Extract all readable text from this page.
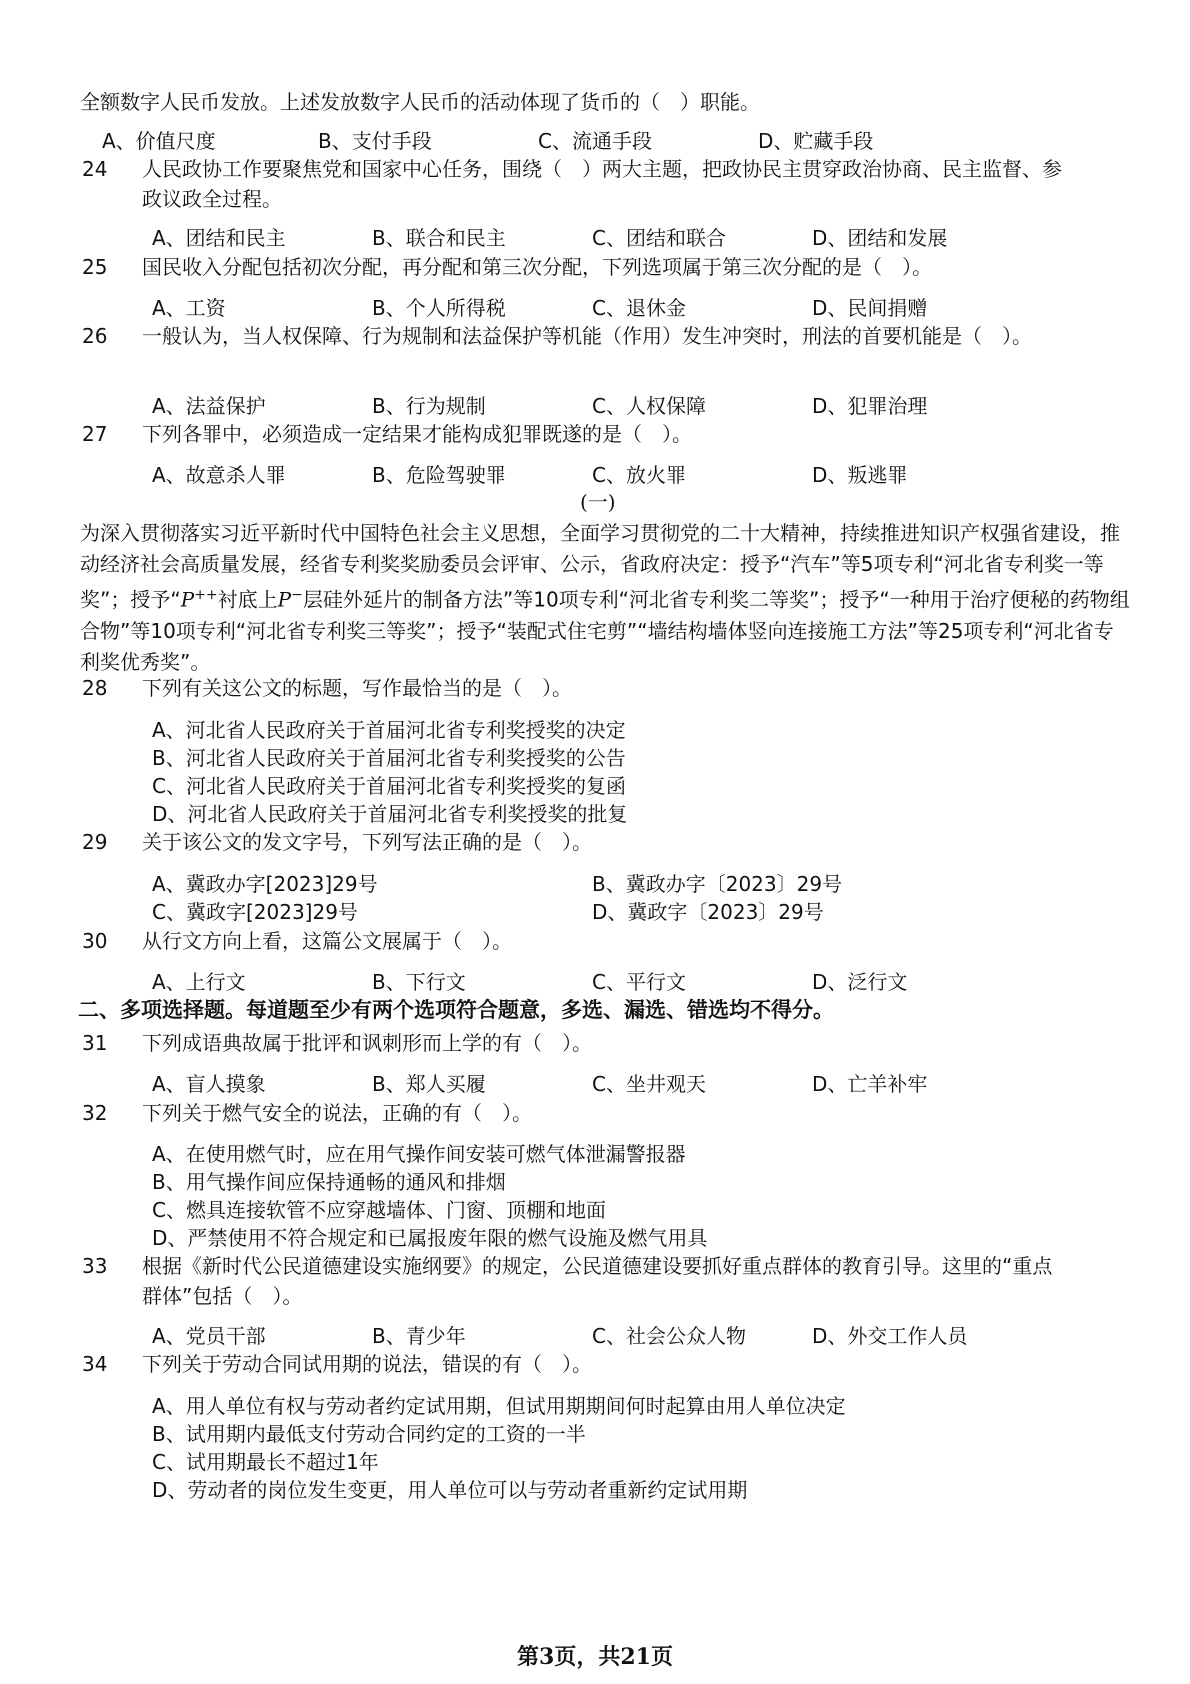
全额数字人民币发放。上述发放数字人民币的活动体现了货币的（　）职能。
A、价值尺度	B、支付手段	C、流通手段	D、贮藏手段
24	人民政协工作要聚焦党和国家中心任务，围绕（　）两大主题，把政协民主贯穿政治协商、民主监督、参政议政全过程。
A、团结和民主	B、联合和民主	C、团结和联合	D、团结和发展
25	国民收入分配包括初次分配，再分配和第三次分配，下列选项属于第三次分配的是（　）。
A、工资	B、个人所得税	C、退休金	D、民间捐赠
26	一般认为，当人权保障、行为规制和法益保护等机能（作用）发生冲突时，刑法的首要机能是（　）。
A、法益保护	B、行为规制	C、人权保障	D、犯罪治理
27	下列各罪中，必须造成一定结果才能构成犯罪既遂的是（　）。
A、故意杀人罪	B、危险驾驶罪	C、放火罪	D、叛逃罪
(一)
为深入贯彻落实习近平新时代中国特色社会主义思想，全面学习贯彻党的二十大精神，持续推进知识产权强省建设，推动经济社会高质量发展，经省专利奖奖励委员会评审、公示，省政府决定：授予“汽车”等5项专利“河北省专利奖一等奖”；授予“P++衬底上P−层硅外延片的制备方法”等10项专利“河北省专利奖二等奖”；授予“一种用于治疗便秘的药物组合物”等10项专利“河北省专利奖三等奖”；授予“装配式住宅剪”“墙结构墙体竖向连接施工方法”等25项专利“河北省专利奖优秀奖”。
28	下列有关这公文的标题，写作最恰当的是（　）。
A、河北省人民政府关于首届河北省专利奖授奖的决定
B、河北省人民政府关于首届河北省专利奖授奖的公告
C、河北省人民政府关于首届河北省专利奖授奖的复函
D、河北省人民政府关于首届河北省专利奖授奖的批复
29	关于该公文的发文字号，下列写法正确的是（　）。
A、冀政办字[2023]29号	B、冀政办字〔2023〕29号
C、冀政字[2023]29号	D、冀政字〔2023〕29号
30	从行文方向上看，这篇公文展属于（　）。
A、上行文	B、下行文	C、平行文	D、泛行文
二、多项选择题。每道题至少有两个选项符合题意，多选、漏选、错选均不得分。
31	下列成语典故属于批评和讽刺形而上学的有（　）。
A、盲人摸象	B、郑人买履	C、坐井观天	D、亡羊补牢
32	下列关于燃气安全的说法，正确的有（　）。
A、在使用燃气时，应在用气操作间安装可燃气体泄漏警报器
B、用气操作间应保持通畅的通风和排烟
C、燃具连接软管不应穿越墙体、门窗、顶棚和地面
D、严禁使用不符合规定和已属报废年限的燃气设施及燃气用具
33	根据《新时代公民道德建设实施纲要》的规定，公民道德建设要抓好重点群体的教育引导。这里的“重点群体”包括（　）。
A、党员干部	B、青少年	C、社会公众人物	D、外交工作人员
34	下列关于劳动合同试用期的说法，错误的有（　）。
A、用人单位有权与劳动者约定试用期，但试用期期间何时起算由用人单位决定
B、试用期内最低支付劳动合同约定的工资的一半
C、试用期最长不超过1年
D、劳动者的岗位发生变更，用人单位可以与劳动者重新约定试用期
第3页，共21页
